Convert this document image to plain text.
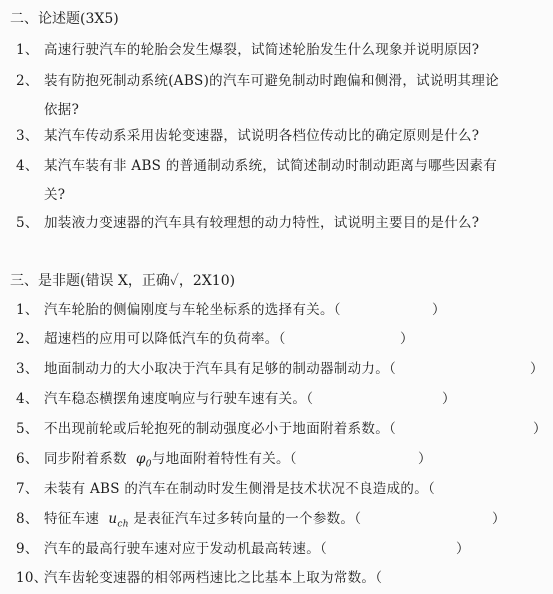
二、论述题(3X5)
1、 高速行驶汽车的轮胎会发生爆裂，试简述轮胎发生什么现象并说明原因?
2、 装有防抱死制动系统(ABS)的汽车可避免制动时跑偏和侧滑，试说明其理论
依据?
3、 某汽车传动系采用齿轮变速器，试说明各档位传动比的确定原则是什么?
4、 某汽车装有非 ABS 的普通制动系统，试简述制动时制动距离与哪些因素有
关?
5、 加装液力变速器的汽车具有较理想的动力特性，试说明主要目的是什么?
三、是非题(错误 X，正确✓，2X10)
1、 汽车轮胎的侧偏刚度与车轮坐标系的选择有关。（	）
2、 超速档的应用可以降低汽车的负荷率。（	）
3、 地面制动力的大小取决于汽车具有足够的制动器制动力。（	）
4、 汽车稳态横摆角速度响应与行驶车速有关。（	）
5、 不出现前轮或后轮抱死的制动强度必小于地面附着系数。（	）
6、 同步附着系数 $\varphi_0$与地面附着特性有关。（	）
7、 未装有 ABS 的汽车在制动时发生侧滑是技术状况不良造成的。（
8、 特征车速 $u_{ch}$ 是表征汽车过多转向量的一个参数。（	）
9、 汽车的最高行驶车速对应于发动机最高转速。（	）
10、汽车齿轮变速器的相邻两档速比之比基本上取为常数。（
